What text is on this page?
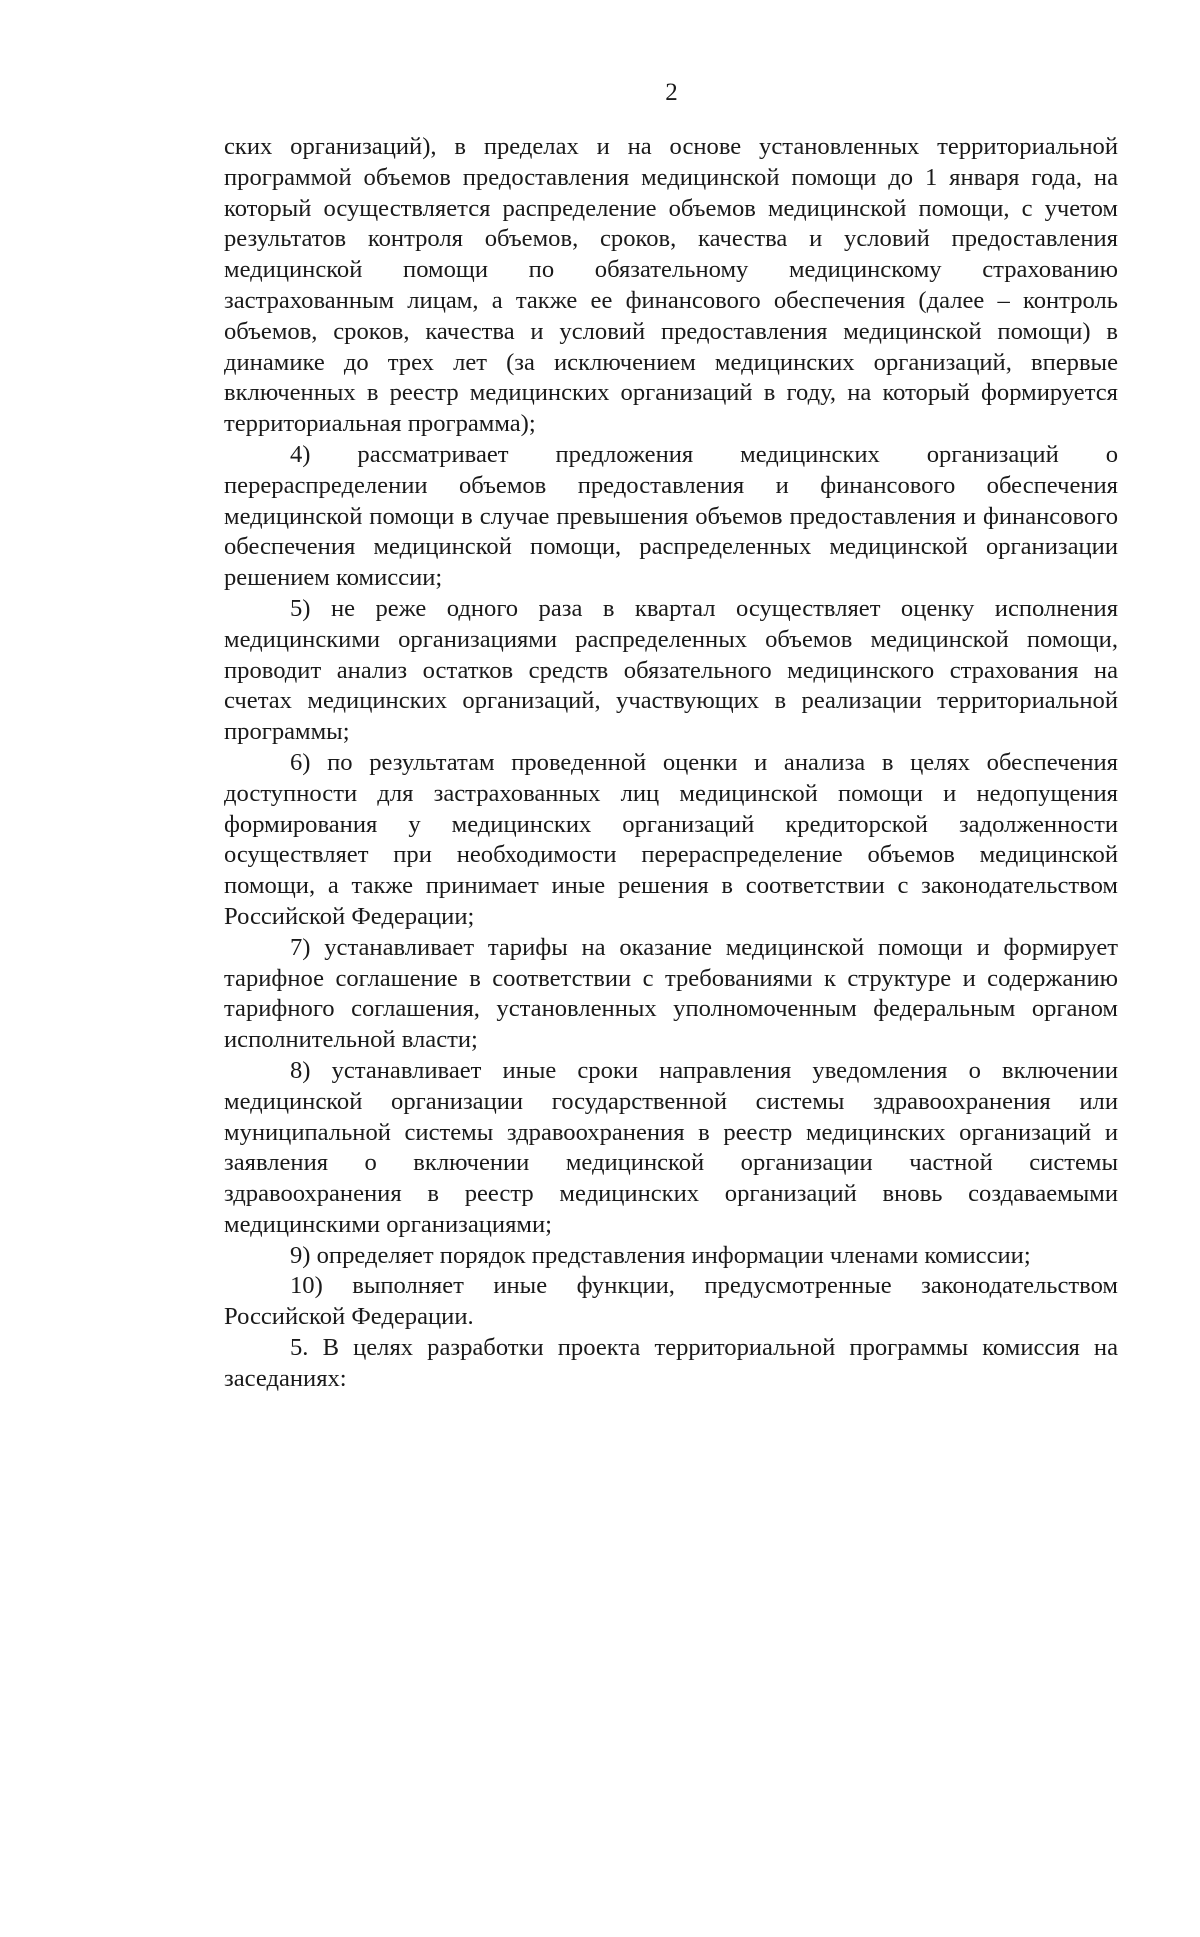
2

ских организаций), в пределах и на основе установленных территориальной программой объемов предоставления медицинской помощи до 1 января года, на который осуществляется распределение объемов медицинской помощи, с учетом результатов контроля объемов, сроков, качества и условий предоставления медицинской помощи по обязательному медицинскому страхованию застрахованным лицам, а также ее финансового обеспечения (далее – контроль объемов, сроков, качества и условий предоставления медицинской помощи) в динамике до трех лет (за исключением медицинских организаций, впервые включенных в реестр медицинских организаций в году, на который формируется территориальная программа);

4) рассматривает предложения медицинских организаций о перераспределении объемов предоставления и финансового обеспечения медицинской помощи в случае превышения объемов предоставления и финансового обеспечения медицинской помощи, распределенных медицинской организации решением комиссии;

5) не реже одного раза в квартал осуществляет оценку исполнения медицинскими организациями распределенных объемов медицинской помощи, проводит анализ остатков средств обязательного медицинского страхования на счетах медицинских организаций, участвующих в реализации территориальной программы;

6) по результатам проведенной оценки и анализа в целях обеспечения доступности для застрахованных лиц медицинской помощи и недопущения формирования у медицинских организаций кредиторской задолженности осуществляет при необходимости перераспределение объемов медицинской помощи, а также принимает иные решения в соответствии с законодательством Российской Федерации;

7) устанавливает тарифы на оказание медицинской помощи и формирует тарифное соглашение в соответствии с требованиями к структуре и содержанию тарифного соглашения, установленных уполномоченным федеральным органом исполнительной власти;

8) устанавливает иные сроки направления уведомления о включении медицинской организации государственной системы здравоохранения или муниципальной системы здравоохранения в реестр медицинских организаций и заявления о включении медицинской организации частной системы здравоохранения в реестр медицинских организаций вновь создаваемыми медицинскими организациями;

9) определяет порядок представления информации членами комиссии;

10) выполняет иные функции, предусмотренные законодательством Российской Федерации.

5. В целях разработки проекта территориальной программы комиссия на заседаниях:
